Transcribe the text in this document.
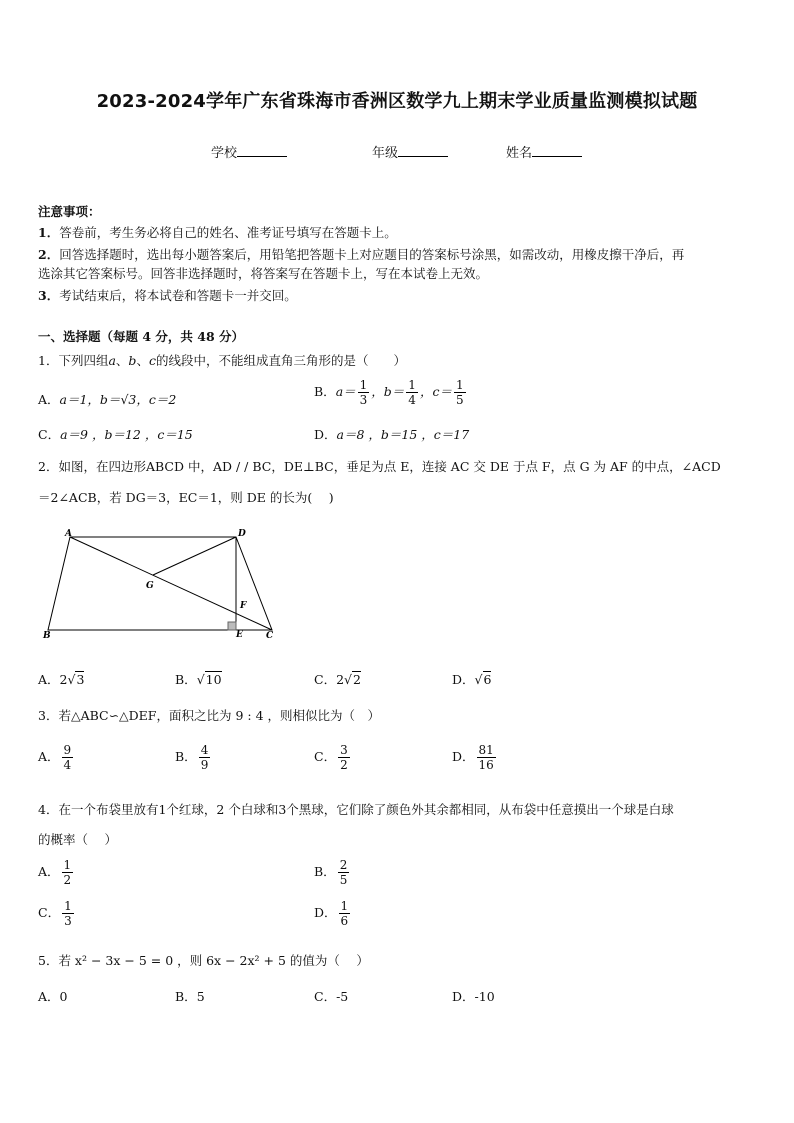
2023-2024学年广东省珠海市香洲区数学九上期末学业质量监测模拟试题
学校	年级	姓名
注意事项：
1．答卷前，考生务必将自己的姓名、准考证号填写在答题卡上。
2．回答选择题时，选出每小题答案后，用铅笔把答题卡上对应题目的答案标号涂黑，如需改动，用橡皮擦干净后，再
选涂其它答案标号。回答非选择题时，将答案写在答题卡上，写在本试卷上无效。
3．考试结束后，将本试卷和答题卡一并交回。
一、选择题（每题 4 分，共 48 分）
1．下列四组a、b、c的线段中，不能组成直角三角形的是（　　）
A．a＝1，b＝√3，c＝2
B．$a= \frac{1}{3}$ ，$b= \frac{1}{4}$ ，$c= \frac{1}{5}$
C．a＝9 ，b＝12 ，c＝15	D．a＝8 ，b＝15 ，c＝17
2．如图，在四边形ABCD 中，AD / / BC，DE⊥BC，垂足为点 E，连接 AC 交 DE 于点 F，点 G 为 AF 的中点，∠ACD
＝2∠ACB，若 DG＝3，EC＝1，则 DE 的长为(　 )
A	D
B	C
E
F
G
A．2√3	B．√10	C．2√2	D．√6
3．若△ABC∽△DEF，面积之比为 9 : 4 ，则相似比为（　）
A． $\frac{9}{4}$	B． $\frac{4}{9}$	C． $\frac{3}{2}$	D． $\frac{81}{16}$
4．在一个布袋里放有1个红球，2 个白球和3个黑球，它们除了颜色外其余都相同，从布袋中任意摸出一个球是白球
的概率（　 ）
A． $\frac{1}{2}$	B． $\frac{2}{5}$
C． $\frac{1}{3}$	D． $\frac{1}{6}$
5．若 x² − 3x − 5 = 0 ，则 6x − 2x² + 5 的值为（　 ）
A．0	B．5	C．-5	D．-10
